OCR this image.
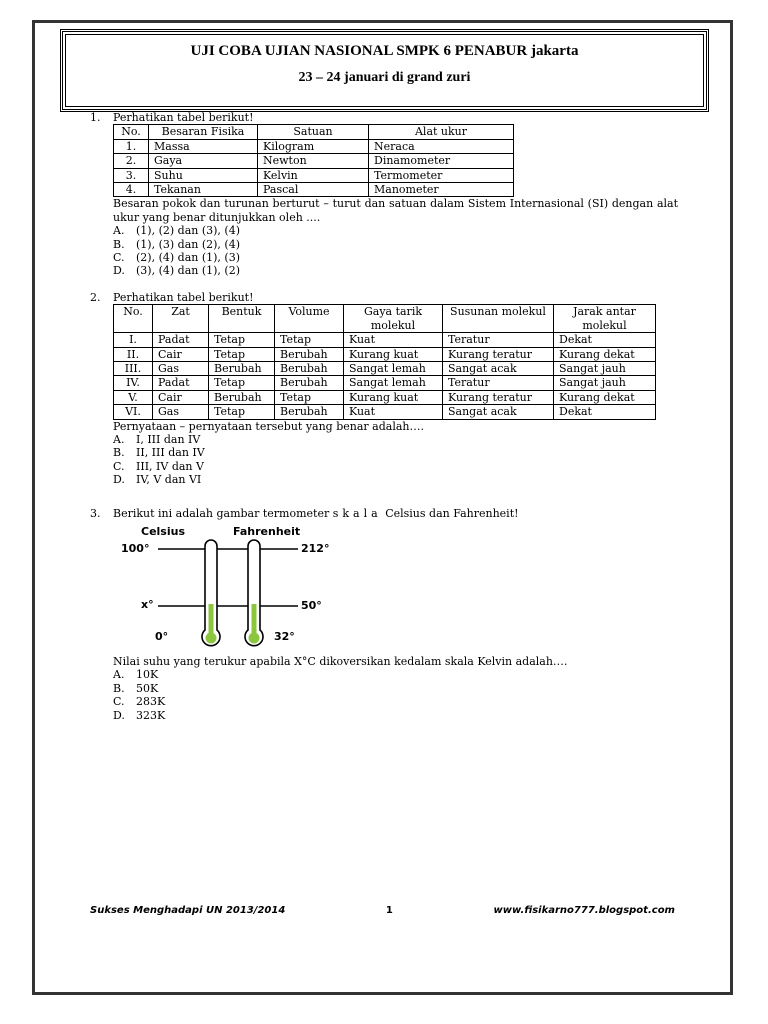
UJI COBA UJIAN NASIONAL SMPK 6 PENABUR jakarta
23 – 24 januari di grand zuri
1. Perhatikan tabel berikut!
No.	Besaran Fisika	Satuan	Alat ukur
1.	Massa	Kilogram	Neraca
2.	Gaya	Newton	Dinamometer
3.	Suhu	Kelvin	Termometer
4.	Tekanan	Pascal	Manometer
Besaran pokok dan turunan berturut – turut dan satuan dalam Sistem Internasional (SI) dengan alat ukur yang benar ditunjukkan oleh ....
A.	(1), (2) dan (3), (4)
B.	(1), (3) dan (2), (4)
C.	(2), (4) dan (1), (3)
D.	(3), (4) dan (1), (2)
2. Perhatikan tabel berikut!
No.	Zat	Bentuk	Volume	Gaya tarik molekul	Susunan molekul	Jarak antar molekul
I.	Padat	Tetap	Tetap	Kuat	Teratur	Dekat
II.	Cair	Tetap	Berubah	Kurang kuat	Kurang teratur	Kurang dekat
III.	Gas	Berubah	Berubah	Sangat lemah	Sangat acak	Sangat jauh
IV.	Padat	Tetap	Berubah	Sangat lemah	Teratur	Sangat jauh
V.	Cair	Berubah	Tetap	Kurang kuat	Kurang teratur	Kurang dekat
VI.	Gas	Tetap	Berubah	Kuat	Sangat acak	Dekat
Pernyataan – pernyataan tersebut yang benar adalah….
A.	I, III dan IV
B.	II, III dan IV
C.	III, IV dan V
D.	IV, V dan VI
3. Berikut ini adalah gambar termometer skala Celsius dan Fahrenheit!
Celsius	Fahrenheit
100°	212°
x°	50°
0°	32°
Nilai suhu yang terukur apabila X°C dikoversikan kedalam skala Kelvin adalah….
A.	10K
B.	50K
C.	283K
D.	323K
Sukses Menghadapi UN 2013/2014	1	www.fisikarno777.blogspot.com
